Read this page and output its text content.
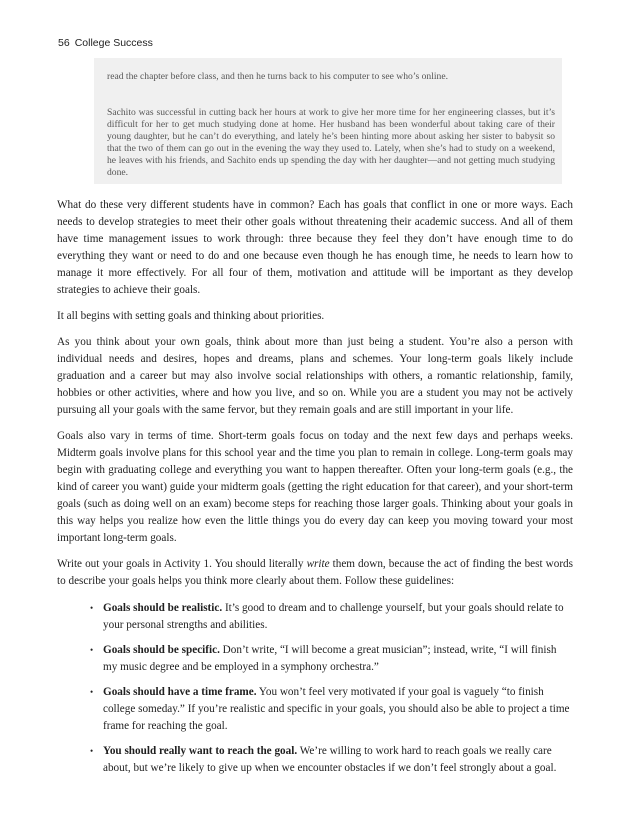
56 College Success

read the chapter before class, and then he turns back to his computer to see who’s online.

Sachito was successful in cutting back her hours at work to give her more time for her engineering classes, but it’s difficult for her to get much studying done at home. Her husband has been wonderful about taking care of their young daughter, but he can’t do everything, and lately he’s been hinting more about asking her sister to babysit so that the two of them can go out in the evening the way they used to. Lately, when she’s had to study on a weekend, he leaves with his friends, and Sachito ends up spending the day with her daughter—and not getting much studying done.

What do these very different students have in common? Each has goals that conflict in one or more ways. Each needs to develop strategies to meet their other goals without threatening their academic success. And all of them have time management issues to work through: three because they feel they don’t have enough time to do everything they want or need to do and one because even though he has enough time, he needs to learn how to manage it more effectively. For all four of them, motivation and attitude will be important as they develop strategies to achieve their goals.

It all begins with setting goals and thinking about priorities.

As you think about your own goals, think about more than just being a student. You’re also a person with individual needs and desires, hopes and dreams, plans and schemes. Your long-term goals likely include graduation and a career but may also involve social relationships with others, a romantic relationship, family, hobbies or other activities, where and how you live, and so on. While you are a student you may not be actively pursuing all your goals with the same fervor, but they remain goals and are still important in your life.

Goals also vary in terms of time. Short-term goals focus on today and the next few days and perhaps weeks. Midterm goals involve plans for this school year and the time you plan to remain in college. Long-term goals may begin with graduating college and everything you want to happen thereafter. Often your long-term goals (e.g., the kind of career you want) guide your midterm goals (getting the right education for that career), and your short-term goals (such as doing well on an exam) become steps for reaching those larger goals. Thinking about your goals in this way helps you realize how even the little things you do every day can keep you moving toward your most important long-term goals.

Write out your goals in Activity 1. You should literally write them down, because the act of finding the best words to describe your goals helps you think more clearly about them. Follow these guidelines:

• Goals should be realistic. It’s good to dream and to challenge yourself, but your goals should relate to your personal strengths and abilities.
• Goals should be specific. Don’t write, “I will become a great musician”; instead, write, “I will finish my music degree and be employed in a symphony orchestra.”
• Goals should have a time frame. You won’t feel very motivated if your goal is vaguely “to finish college someday.” If you’re realistic and specific in your goals, you should also be able to project a time frame for reaching the goal.
• You should really want to reach the goal. We’re willing to work hard to reach goals we really care about, but we’re likely to give up when we encounter obstacles if we don’t feel strongly about a goal.
